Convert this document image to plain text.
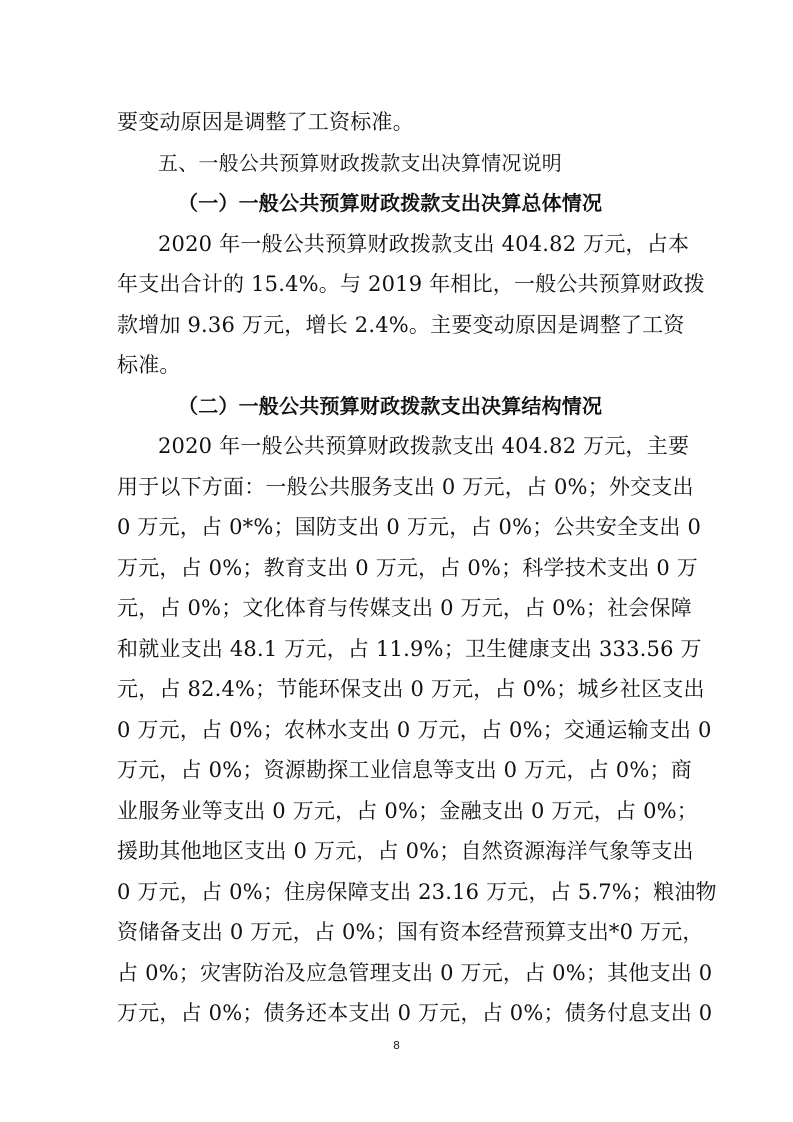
要变动原因是调整了工资标准。
五、一般公共预算财政拨款支出决算情况说明
（一）一般公共预算财政拨款支出决算总体情况
2020 年一般公共预算财政拨款支出 404.82 万元，占本
年支出合计的 15.4%。与 2019 年相比，一般公共预算财政拨
款增加 9.36 万元，增长 2.4%。主要变动原因是调整了工资
标准。
（二）一般公共预算财政拨款支出决算结构情况
2020 年一般公共预算财政拨款支出 404.82 万元，主要
用于以下方面：一般公共服务支出 0 万元，占 0%；外交支出
0 万元，占 0*%；国防支出 0 万元，占 0%；公共安全支出 0
万元，占 0%；教育支出 0 万元，占 0%；科学技术支出 0 万
元，占 0%；文化体育与传媒支出 0 万元，占 0%；社会保障
和就业支出 48.1 万元，占 11.9%；卫生健康支出 333.56 万
元，占 82.4%；节能环保支出 0 万元，占 0%；城乡社区支出
0 万元，占 0%；农林水支出 0 万元，占 0%；交通运输支出 0
万元，占 0%；资源勘探工业信息等支出 0 万元，占 0%；商
业服务业等支出 0 万元，占 0%；金融支出 0 万元，占 0%；
援助其他地区支出 0 万元，占 0%；自然资源海洋气象等支出
0 万元，占 0%；住房保障支出 23.16 万元，占 5.7%；粮油物
资储备支出 0 万元，占 0%；国有资本经营预算支出*0 万元，
8
占 0%；灾害防治及应急管理支出 0 万元，占 0%；其他支出 0
万元，占 0%；债务还本支出 0 万元，占 0%；债务付息支出 0
